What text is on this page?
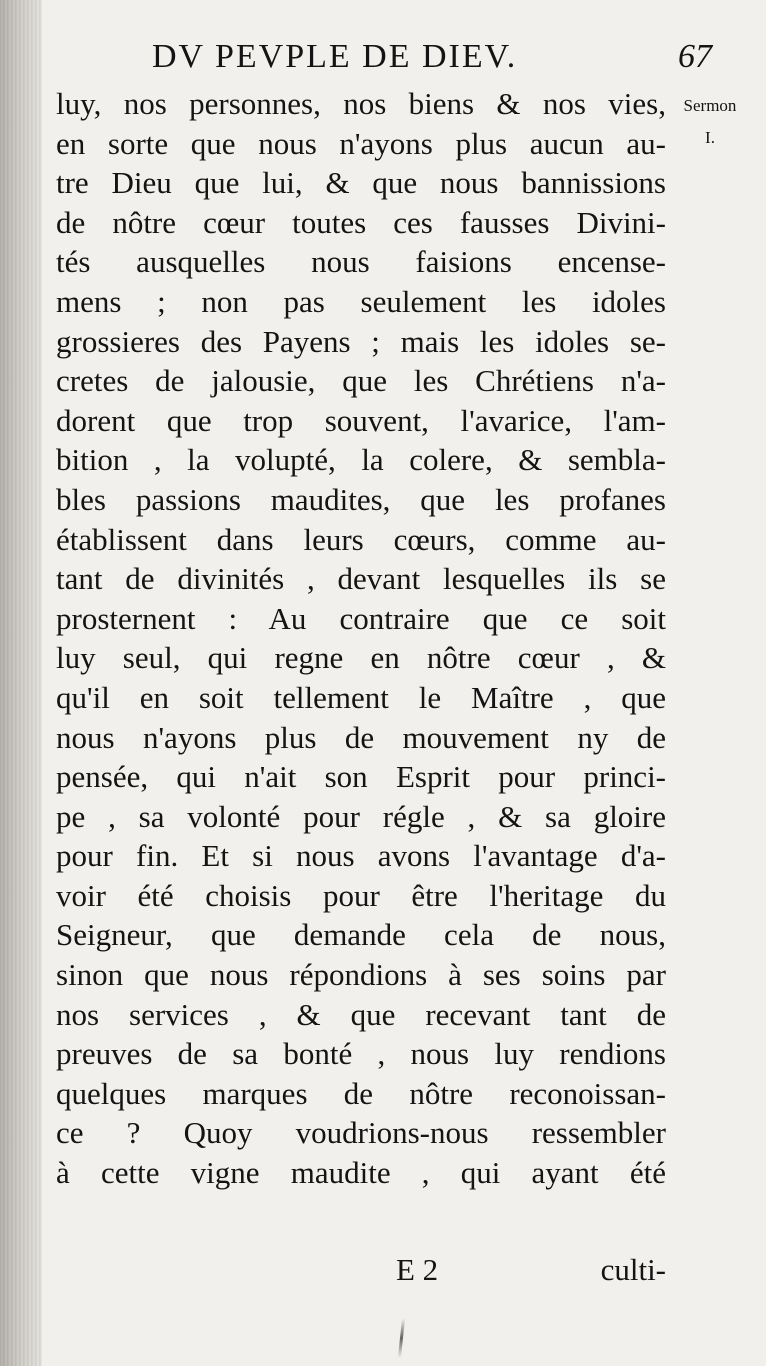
DV PEVPLE DE DIEV.	67
Sermon
I.
luy, nos personnes, nos biens & nos vies,
en sorte que nous n'ayons plus aucun au-
tre Dieu que lui, & que nous bannissions
de nôtre cœur toutes ces fausses Divini-
tés ausquelles nous faisions encense-
mens ; non pas seulement les idoles
grossieres des Payens ; mais les idoles se-
cretes de jalousie, que les Chrétiens n'a-
dorent que trop souvent, l'avarice, l'am-
bition , la volupté, la colere, & sembla-
bles passions maudites, que les profanes
établissent dans leurs cœurs, comme au-
tant de divinités , devant lesquelles ils se
prosternent : Au contraire que ce soit
luy seul, qui regne en nôtre cœur , &
qu'il en soit tellement le Maître , que
nous n'ayons plus de mouvement ny de
pensée, qui n'ait son Esprit pour princi-
pe , sa volonté pour régle , & sa gloire
pour fin. Et si nous avons l'avantage d'a-
voir été choisis pour être l'heritage du
Seigneur, que demande cela de nous,
sinon que nous répondions à ses soins par
nos services , & que recevant tant de
preuves de sa bonté , nous luy rendions
quelques marques de nôtre reconoissan-
ce ? Quoy voudrions-nous ressembler
à cette vigne maudite , qui ayant été
E 2	culti-
